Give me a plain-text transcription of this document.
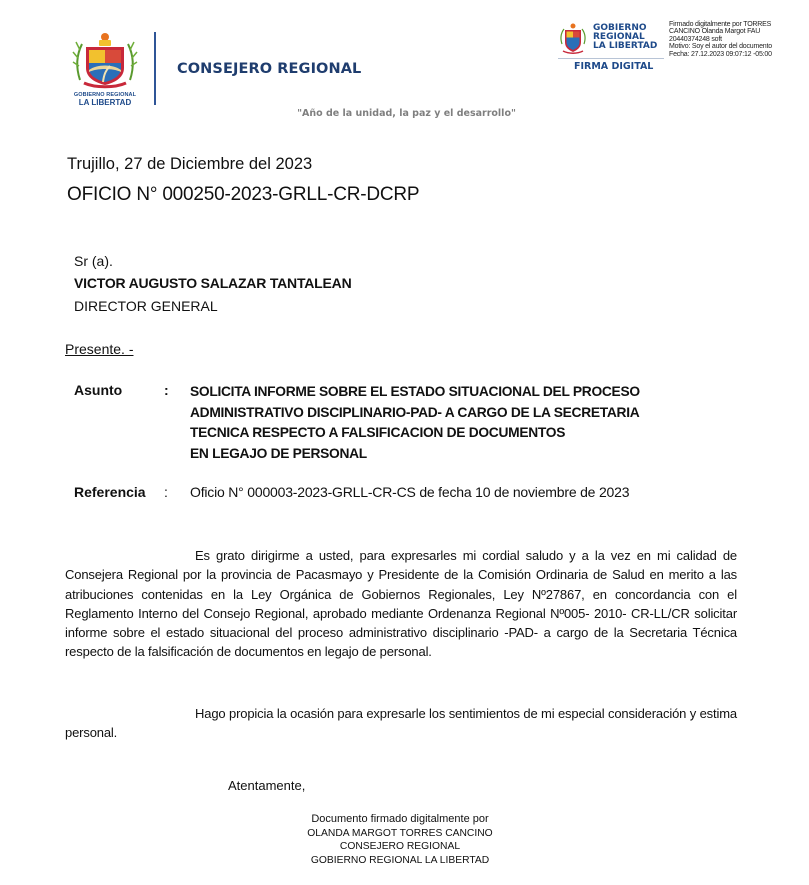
GOBIERNO REGIONAL
LA LIBERTAD
CONSEJERO REGIONAL
"Año de la unidad, la paz y el desarrollo"
GOBIERNO
REGIONAL
LA LIBERTAD
FIRMA DIGITAL
Firmado digitalmente por TORRES
CANCINO Olanda Margot FAU
20440374248 soft
Motivo: Soy el autor del documento
Fecha: 27.12.2023 09:07:12 -05:00
Trujillo, 27 de Diciembre del 2023
OFICIO N° 000250-2023-GRLL-CR-DCRP
Sr (a).
VICTOR AUGUSTO SALAZAR TANTALEAN
DIRECTOR GENERAL
Presente. -
Asunto	: SOLICITA INFORME SOBRE EL ESTADO SITUACIONAL DEL PROCESO
ADMINISTRATIVO DISCIPLINARIO-PAD- A CARGO DE LA SECRETARIA
TECNICA RESPECTO A FALSIFICACION DE DOCUMENTOS
EN LEGAJO DE PERSONAL
Referencia : Oficio N° 000003-2023-GRLL-CR-CS de fecha 10 de noviembre de 2023
Es grato dirigirme a usted, para expresarles mi cordial saludo y a la vez en mi calidad de Consejera Regional por la provincia de Pacasmayo y Presidente de la Comisión Ordinaria de Salud en merito a las atribuciones contenidas en la Ley Orgánica de Gobiernos Regionales, Ley Nº27867, en concordancia con el Reglamento Interno del Consejo Regional, aprobado mediante Ordenanza Regional Nº005- 2010- CR-LL/CR solicitar informe sobre el estado situacional del proceso administrativo disciplinario -PAD- a cargo de la Secretaria Técnica respecto de la falsificación de documentos en legajo de personal.
Hago propicia la ocasión para expresarle los sentimientos de mi especial consideración y estima personal.
Atentamente,
Documento firmado digitalmente por
OLANDA MARGOT TORRES CANCINO
CONSEJERO REGIONAL
GOBIERNO REGIONAL LA LIBERTAD
